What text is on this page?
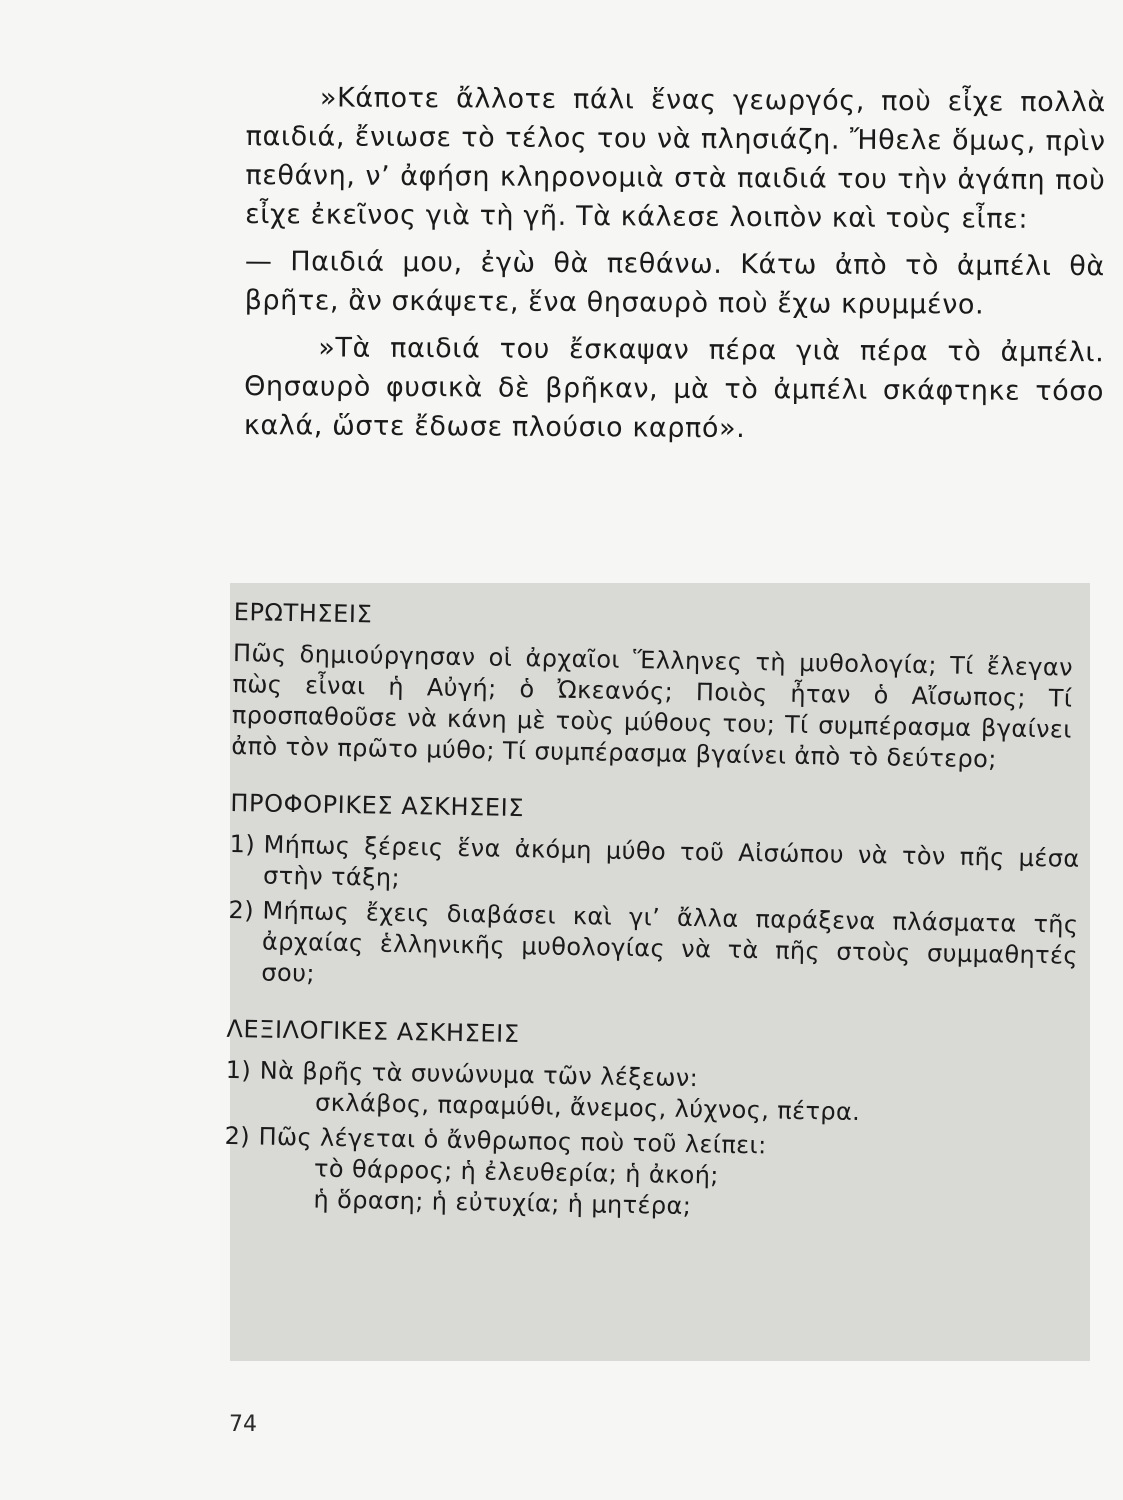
»Κάποτε ἄλλοτε πάλι ἕνας γεωργός, ποὺ εἶχε πολλὰ παιδιά, ἔνιωσε τὸ τέλος του νὰ πλησιάζη. Ἤθελε ὅμως, πρὶν πεθάνη, ν’ ἀφήση κληρονομιὰ στὰ παιδιά του τὴν ἀγάπη ποὺ εἶχε ἐκεῖνος γιὰ τὴ γῆ. Τὰ κάλεσε λοιπὸν καὶ τοὺς εἶπε:

— Παιδιά μου, ἐγὼ θὰ πεθάνω. Κάτω ἀπὸ τὸ ἀμπέλι θὰ βρῆτε, ἂν σκάψετε, ἕνα θησαυρὸ ποὺ ἔχω κρυμμένο.

»Τὰ παιδιά του ἔσκαψαν πέρα γιὰ πέρα τὸ ἀμπέλι. Θησαυρὸ φυσικὰ δὲ βρῆκαν, μὰ τὸ ἀμπέλι σκάφτηκε τόσο καλά, ὥστε ἔδωσε πλούσιο καρπό».

ΕΡΩΤΗΣΕΙΣ

Πῶς δημιούργησαν οἱ ἀρχαῖοι Ἕλληνες τὴ μυθολογία; Τί ἔλεγαν πὼς εἶναι ἡ Αὐγή; ὁ Ὠκεανός; Ποιὸς ἦταν ὁ Αἴσωπος; Τί προσπαθοῦσε νὰ κάνη μὲ τοὺς μύθους του; Τί συμπέρασμα βγαίνει ἀπὸ τὸν πρῶτο μύθο; Τί συμπέρασμα βγαίνει ἀπὸ τὸ δεύτερο;

ΠΡΟΦΟΡΙΚΕΣ ΑΣΚΗΣΕΙΣ
1) Μήπως ξέρεις ἕνα ἀκόμη μύθο τοῦ Αἰσώπου νὰ τὸν πῆς μέσα στὴν τάξη;
2) Μήπως ἔχεις διαβάσει καὶ γι’ ἄλλα παράξενα πλάσματα τῆς ἀρχαίας ἑλληνικῆς μυθολογίας νὰ τὰ πῆς στοὺς συμμαθητές σου;
ΛΕΞΙΛΟΓΙΚΕΣ ΑΣΚΗΣΕΙΣ
1) Νὰ βρῆς τὰ συνώνυμα τῶν λέξεων:
σκλάβος, παραμύθι, ἄνεμος, λύχνος, πέτρα.
2) Πῶς λέγεται ὁ ἄνθρωπος ποὺ τοῦ λείπει:
τὸ θάρρος; ἡ ἐλευθερία; ἡ ἀκοή;
ἡ ὅραση; ἡ εὐτυχία; ἡ μητέρα;
74
